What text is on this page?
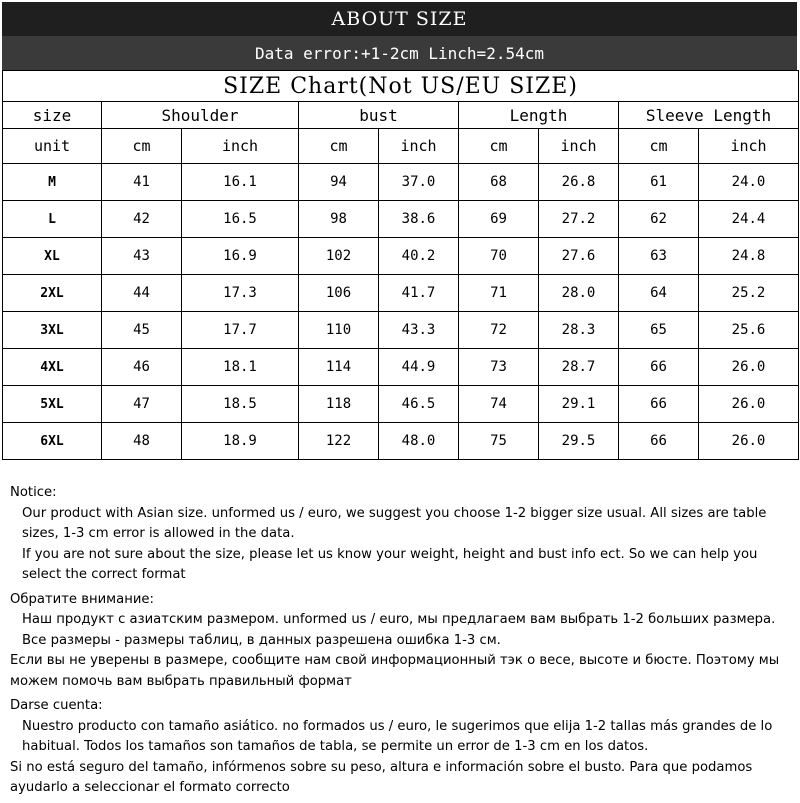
ABOUT SIZE
Data error:+1-2cm Linch=2.54cm
SIZE Chart(Not US/EU SIZE)								
size	Shoulder		bust		Length		Sleeve Length	
unit	cm	inch	cm	inch	cm	inch	cm	inch
M	41	16.1	94	37.0	68	26.8	61	24.0
L	42	16.5	98	38.6	69	27.2	62	24.4
XL	43	16.9	102	40.2	70	27.6	63	24.8
2XL	44	17.3	106	41.7	71	28.0	64	25.2
3XL	45	17.7	110	43.3	72	28.3	65	25.6
4XL	46	18.1	114	44.9	73	28.7	66	26.0
5XL	47	18.5	118	46.5	74	29.1	66	26.0
6XL	48	18.9	122	48.0	75	29.5	66	26.0

Notice:

Our product with Asian size. unformed us / euro, we suggest you choose 1-2 bigger size usual. All sizes are table sizes, 1-3 cm error is allowed in the data.

If you are not sure about the size, please let us know your weight, height and bust info ect. So we can help you select the correct format

Обратите внимание:

Наш продукт с азиатским размером. unformed us / euro, мы предлагаем вам выбрать 1-2 больших размера. Все размеры - размеры таблиц, в данных разрешена ошибка 1-3 см.

Если вы не уверены в размере, сообщите нам свой информационный тэк о весе, высоте и бюсте. Поэтому мы можем помочь вам выбрать правильный формат

Darse cuenta:

Nuestro producto con tamaño asiático. no formados us / euro, le sugerimos que elija 1-2 tallas más grandes de lo habitual. Todos los tamaños son tamaños de tabla, se permite un error de 1-3 cm en los datos.

Si no está seguro del tamaño, infórmenos sobre su peso, altura e información sobre el busto. Para que podamos ayudarlo a seleccionar el formato correcto
